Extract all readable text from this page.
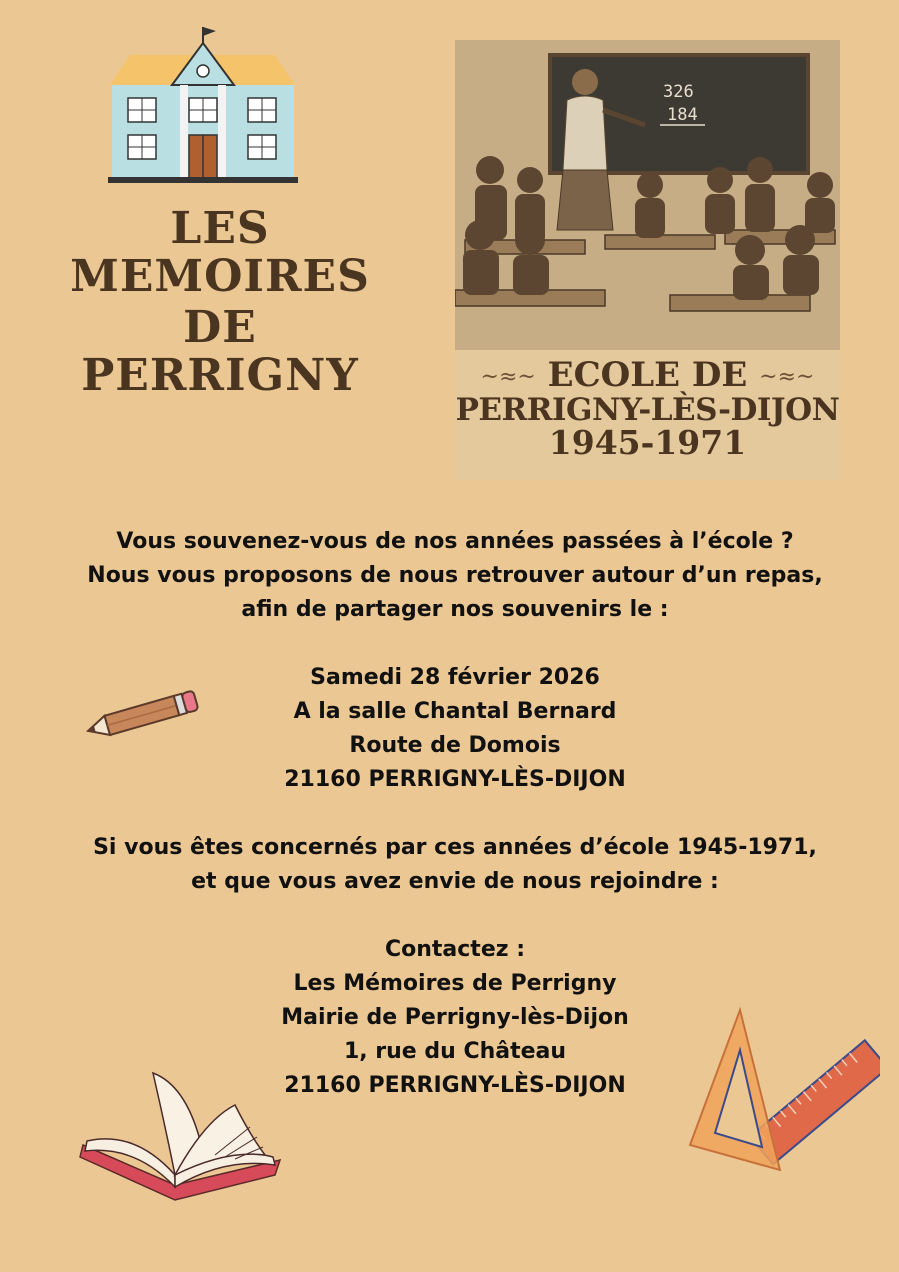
LES MEMOIRES
DE PERRIGNY
326
184
~≈~ ECOLE DE ~≈~
PERRIGNY-LÈS-DIJON
1945-1971
Vous souvenez-vous de nos années passées à l’école ?
Nous vous proposons de nous retrouver autour d’un repas,
afin de partager nos souvenirs le :
Samedi 28 février 2026
A la salle Chantal Bernard
Route de Domois
21160 PERRIGNY-LÈS-DIJON
Si vous êtes concernés par ces années d’école 1945-1971,
et que vous avez envie de nous rejoindre :
Contactez :
Les Mémoires de Perrigny
Mairie de Perrigny-lès-Dijon
1, rue du Château
21160 PERRIGNY-LÈS-DIJON
